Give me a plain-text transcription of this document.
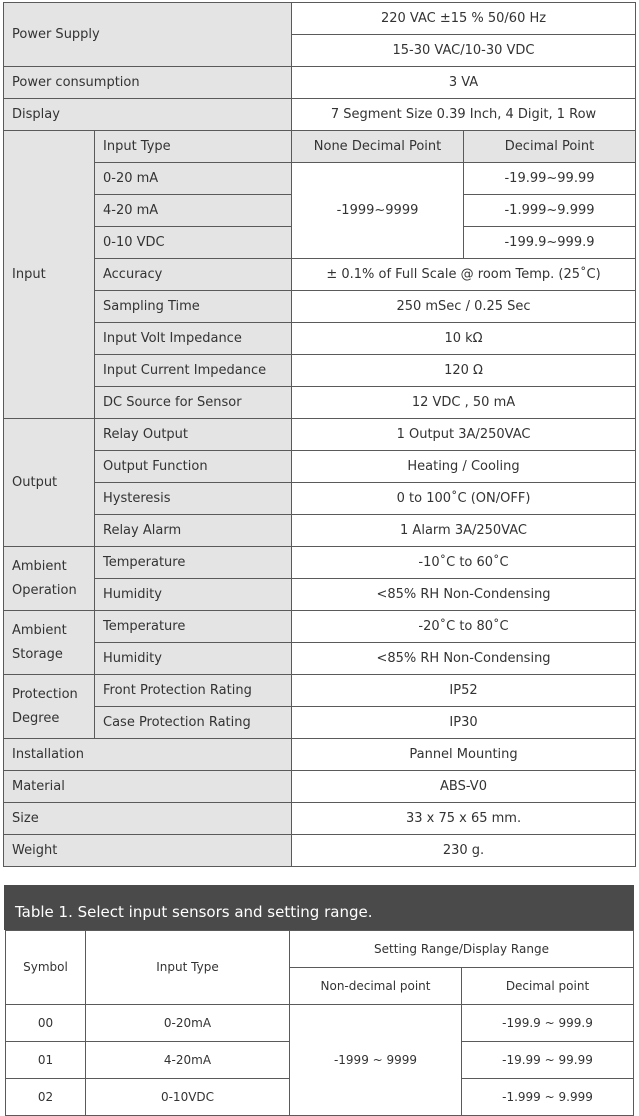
Power Supply		220 VAC ±15 % 50/60 Hz	
		15-30 VAC/10-30 VDC	
Power consumption		3 VA	
Display		7 Segment Size 0.39 Inch, 4 Digit, 1 Row	
Input	Input Type	None Decimal Point	Decimal Point
	0-20 mA	-1999~9999	-19.99~99.99
	4-20 mA		-1.999~9.999
	0-10 VDC		-199.9~999.9
	Accuracy	± 0.1% of Full Scale @ room Temp. (25˚C)	
	Sampling Time	250 mSec / 0.25 Sec	
	Input Volt Impedance	10 kΩ	
	Input Current Impedance	120 Ω	
	DC Source for Sensor	12 VDC , 50 mA	
Output	Relay Output	1 Output 3A/250VAC	
	Output Function	Heating / Cooling	
	Hysteresis	0 to 100˚C (ON/OFF)	
	Relay Alarm	1 Alarm 3A/250VAC	
Ambient Operation	Temperature	-10˚C to 60˚C	
	Humidity	<85% RH Non-Condensing	
Ambient Storage	Temperature	-20˚C to 80˚C	
	Humidity	<85% RH Non-Condensing	
Protection Degree	Front Protection Rating	IP52	
	Case Protection Rating	IP30	
Installation		Pannel Mounting	
Material		ABS-V0	
Size		33 x 75 x 65 mm.	
Weight		230 g.	
Table 1. Select input sensors and setting range.
Symbol	Input Type	Setting Range/Display Range	
		Non-decimal point	Decimal point
00	0-20mA	-1999 ~ 9999	-199.9 ~ 999.9
01	4-20mA		-19.99 ~ 99.99
02	0-10VDC		-1.999 ~ 9.999
